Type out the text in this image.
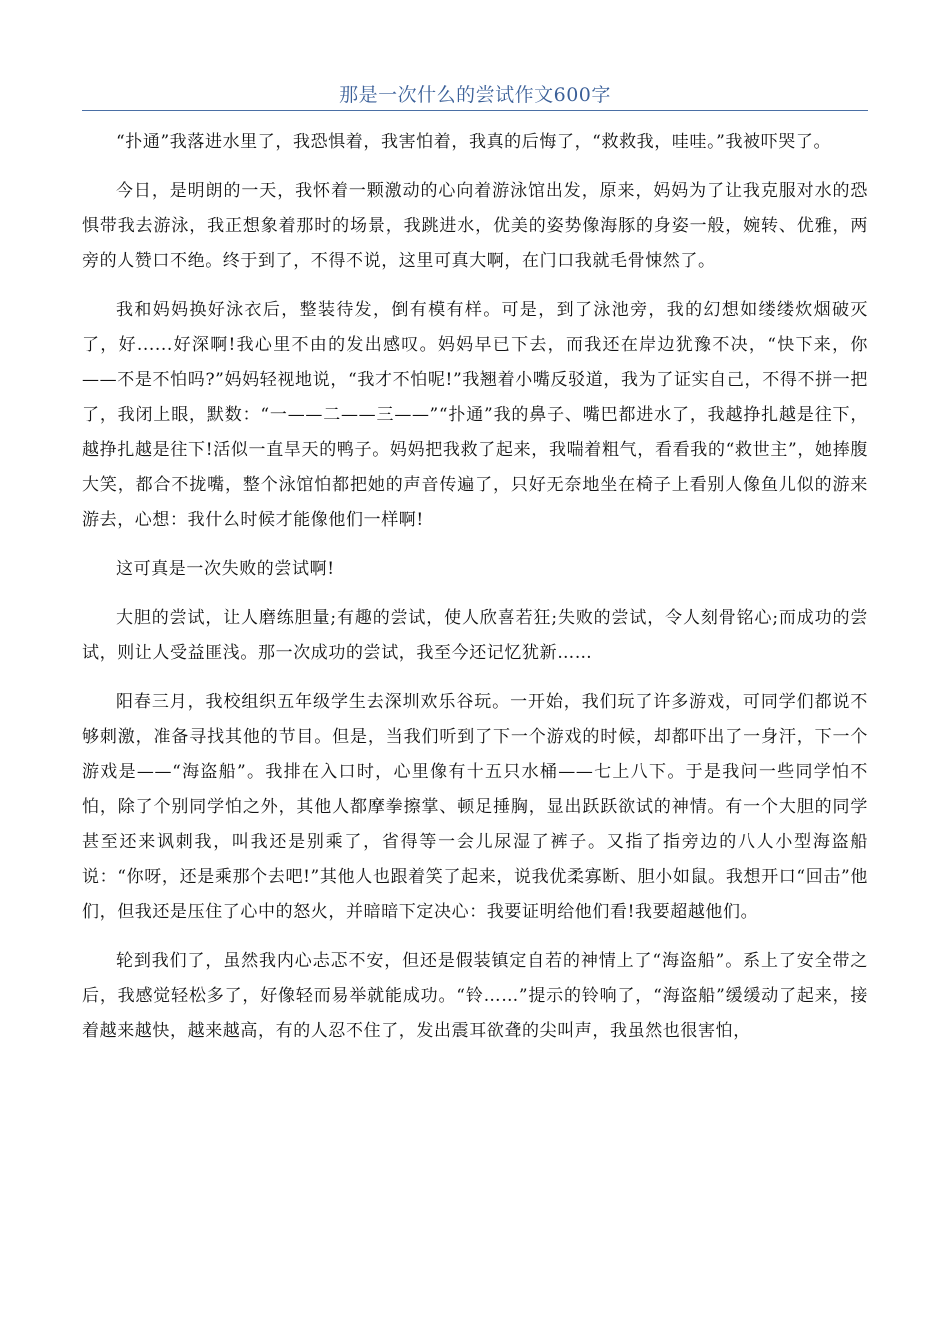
那是一次什么的尝试作文600字

“扑通”我落进水里了，我恐惧着，我害怕着，我真的后悔了，“救救我，哇哇。”我被吓哭了。

今日，是明朗的一天，我怀着一颗激动的心向着游泳馆出发，原来，妈妈为了让我克服对水的恐惧带我去游泳，我正想象着那时的场景，我跳进水，优美的姿势像海豚的身姿一般，婉转、优雅，两旁的人赞口不绝。终于到了，不得不说，这里可真大啊，在门口我就毛骨悚然了。

我和妈妈换好泳衣后，整装待发，倒有模有样。可是，到了泳池旁，我的幻想如缕缕炊烟破灭了，好......好深啊!我心里不由的发出感叹。妈妈早已下去，而我还在岸边犹豫不决，“快下来，你——不是不怕吗?”妈妈轻视地说，“我才不怕呢!”我翘着小嘴反驳道，我为了证实自己，不得不拼一把了，我闭上眼，默数：“一——二——三——”“扑通”我的鼻子、嘴巴都进水了，我越挣扎越是往下，越挣扎越是往下!活似一直旱天的鸭子。妈妈把我救了起来，我喘着粗气，看看我的“救世主”，她捧腹大笑，都合不拢嘴，整个泳馆怕都把她的声音传遍了，只好无奈地坐在椅子上看别人像鱼儿似的游来游去，心想：我什么时候才能像他们一样啊!

这可真是一次失败的尝试啊!

大胆的尝试，让人磨练胆量;有趣的尝试，使人欣喜若狂;失败的尝试，令人刻骨铭心;而成功的尝试，则让人受益匪浅。那一次成功的尝试，我至今还记忆犹新……

阳春三月，我校组织五年级学生去深圳欢乐谷玩。一开始，我们玩了许多游戏，可同学们都说不够刺激，准备寻找其他的节目。但是，当我们听到了下一个游戏的时候，却都吓出了一身汗，下一个游戏是——“海盗船”。我排在入口时，心里像有十五只水桶——七上八下。于是我问一些同学怕不怕，除了个别同学怕之外，其他人都摩拳擦掌、顿足捶胸，显出跃跃欲试的神情。有一个大胆的同学甚至还来讽刺我，叫我还是别乘了，省得等一会儿尿湿了裤子。又指了指旁边的八人小型海盗船说：“你呀，还是乘那个去吧!”其他人也跟着笑了起来，说我优柔寡断、胆小如鼠。我想开口“回击”他们，但我还是压住了心中的怒火，并暗暗下定决心：我要证明给他们看!我要超越他们。

轮到我们了，虽然我内心忐忑不安，但还是假装镇定自若的神情上了“海盗船”。系上了安全带之后，我感觉轻松多了，好像轻而易举就能成功。“铃……”提示的铃响了，“海盗船”缓缓动了起来，接着越来越快，越来越高，有的人忍不住了，发出震耳欲聋的尖叫声，我虽然也很害怕，
